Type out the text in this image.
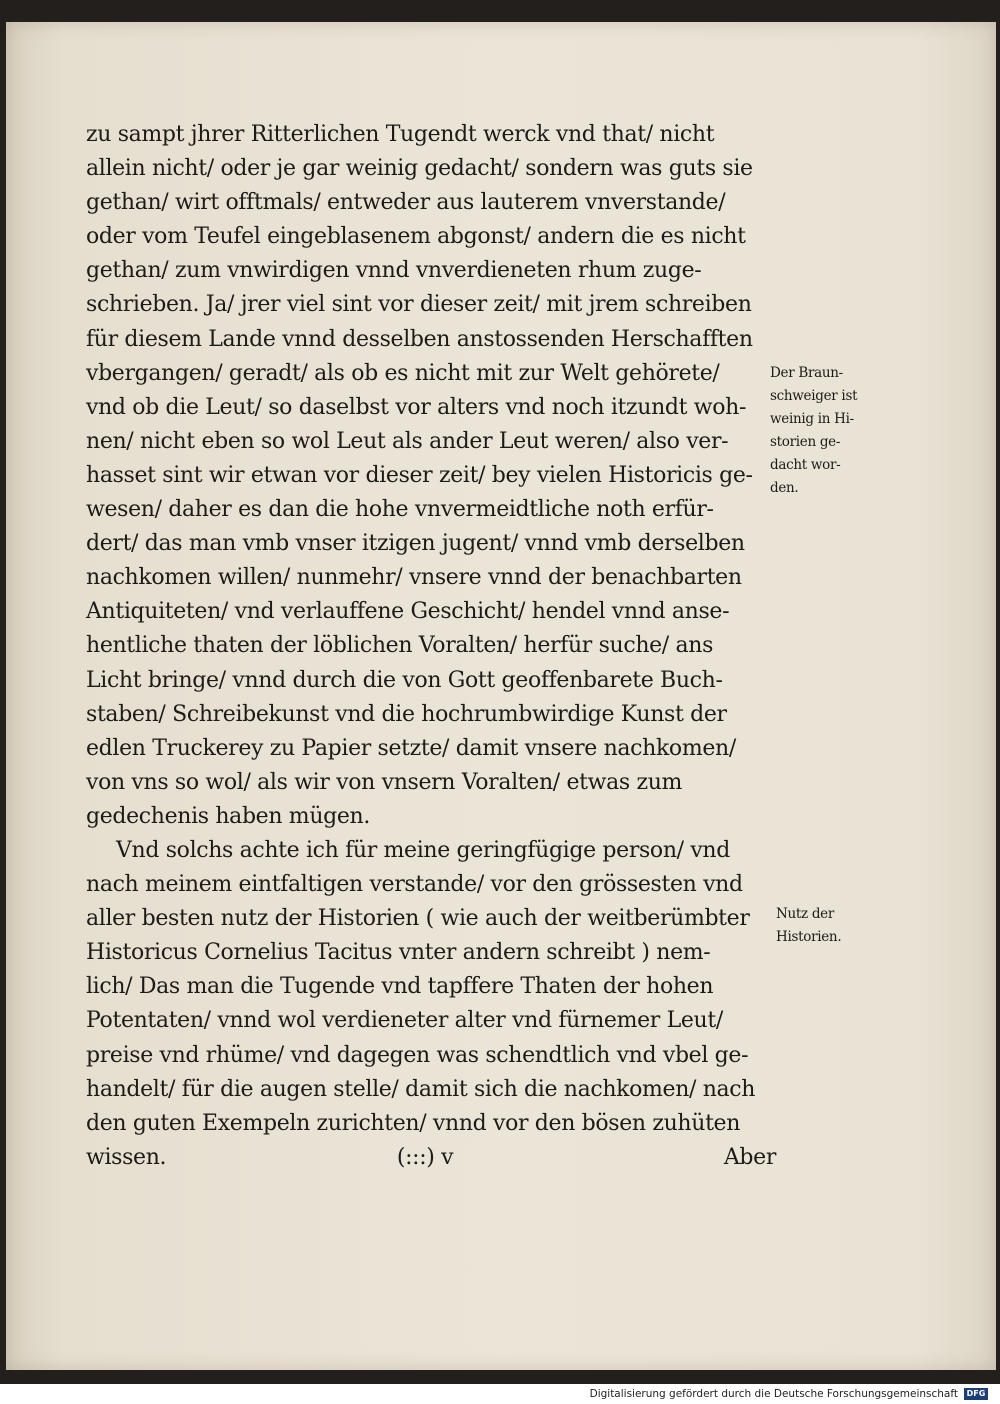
zu sampt jhrer Ritterlichen Tugendt werck vnd that/ nicht
allein nicht/ oder je gar weinig gedacht/ sondern was guts sie
gethan/ wirt offtmals/ entweder aus lauterem vnverstande/
oder vom Teufel eingeblasenem abgonst/ andern die es nicht
gethan/ zum vnwirdigen vnnd vnverdieneten rhum zuge-
schrieben. Ja/ jrer viel sint vor dieser zeit/ mit jrem schreiben
für diesem Lande vnnd desselben anstossenden Herschafften
vbergangen/ geradt/ als ob es nicht mit zur Welt gehörete/
vnd ob die Leut/ so daselbst vor alters vnd noch itzundt woh-
nen/ nicht eben so wol Leut als ander Leut weren/ also ver-
hasset sint wir etwan vor dieser zeit/ bey vielen Historicis ge-
wesen/ daher es dan die hohe vnvermeidtliche noth erfür-
dert/ das man vmb vnser itzigen jugent/ vnnd vmb derselben
nachkomen willen/ nunmehr/ vnsere vnnd der benachbarten
Antiquiteten/ vnd verlauffene Geschicht/ hendel vnnd anse-
hentliche thaten der löblichen Voralten/ herfür suche/ ans
Licht bringe/ vnnd durch die von Gott geoffenbarete Buch-
staben/ Schreibekunst vnd die hochrumbwirdige Kunst der
edlen Truckerey zu Papier setzte/ damit vnsere nachkomen/
von vns so wol/ als wir von vnsern Voralten/ etwas zum
gedechenis haben mügen.
Vnd solchs achte ich für meine geringfügige person/ vnd
nach meinem eintfaltigen verstande/ vor den grössesten vnd
aller besten nutz der Historien ( wie auch der weitberümbter
Historicus Cornelius Tacitus vnter andern schreibt ) nem-
lich/ Das man die Tugende vnd tapffere Thaten der hohen
Potentaten/ vnnd wol verdieneter alter vnd fürnemer Leut/
preise vnd rhüme/ vnd dagegen was schendtlich vnd vbel ge-
handelt/ für die augen stelle/ damit sich die nachkomen/ nach
den guten Exempeln zurichten/ vnnd vor den bösen zuhüten
wissen.	(:::) v	Aber
Der Braun-
schweiger ist
weinig in Hi-
storien ge-
dacht wor-
den.
Nutz der
Historien.
Digitalisierung gefördert durch die Deutsche Forschungsgemeinschaft	DFG
